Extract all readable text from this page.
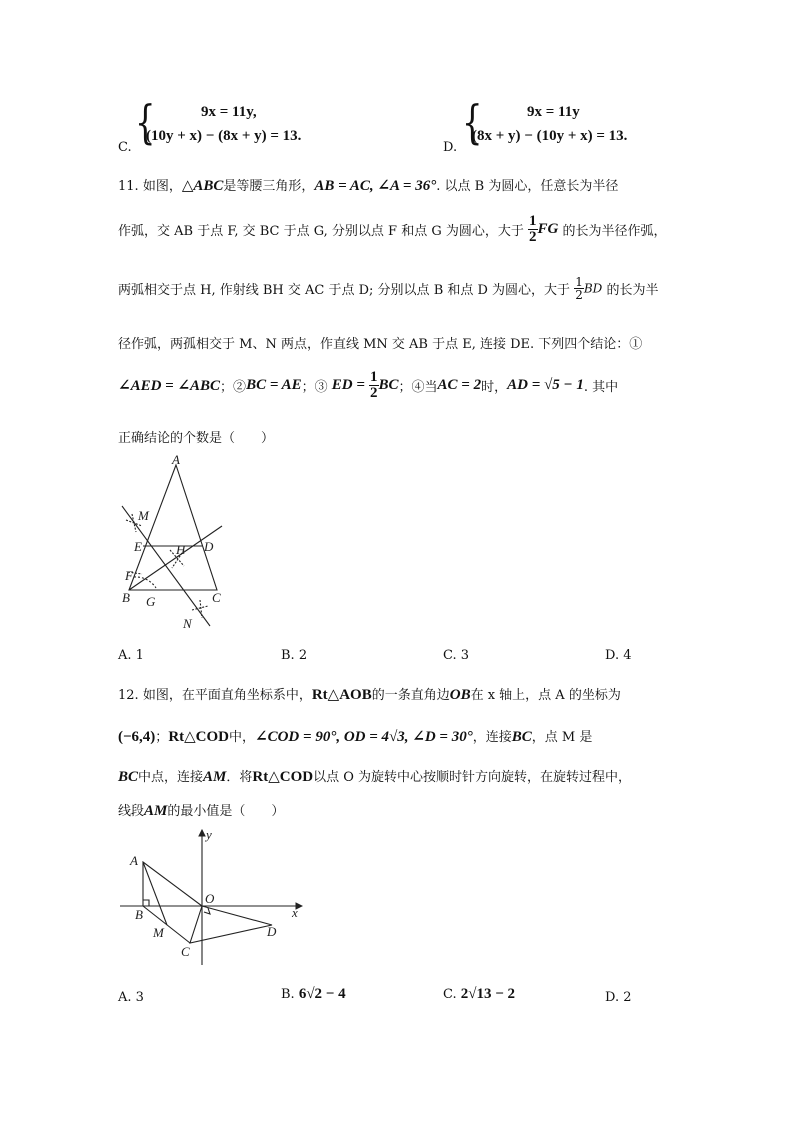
C. {	9x = 11y,
(10y + x) − (8x + y) = 13.
D. {	9x = 11y
(8x + y) − (10y + x) = 13.
11. 如图，△ABC是等腰三角形，AB = AC, ∠A = 36°. 以点 B 为圆心，任意长为半径
作弧，交 AB 于点 F, 交 BC 于点 G, 分别以点 F 和点 G 为圆心，大于 $\frac{1}{2}$ FG 的长为半径作弧，
两弧相交于点 H, 作射线 BH 交 AC 于点 D; 分别以点 B 和点 D 为圆心，大于 $\frac{1}{2}$ BD 的长为半
径作弧，两孤相交于 M、N 两点，作直线 MN 交 AB 于点 E, 连接 DE. 下列四个结论：①
∠AED = ∠ABC；②BC = AE；③ ED = $\frac{1}{2}$ BC；④当AC = 2时，AD = √5 − 1. 其中
正确结论的个数是（　　）
A
M
E	H D
F
B G	C
N
A. 1	B. 2	C. 3	D. 4
12. 如图，在平面直角坐标系中，Rt△AOB的一条直角边OB在 x 轴上，点 A 的坐标为
(−6,4)；Rt△COD中，∠COD = 90°, OD = 4√3, ∠D = 30°，连接BC，点 M 是
BC中点，连接AM．将Rt△COD以点 O 为旋转中心按顺时针方向旋转，在旋转过程中，
线段AM的最小值是（　　）
y
A
O
x
B
M	D
C
A. 3	B. 6√2 − 4	C. 2√13 − 2	D. 2
